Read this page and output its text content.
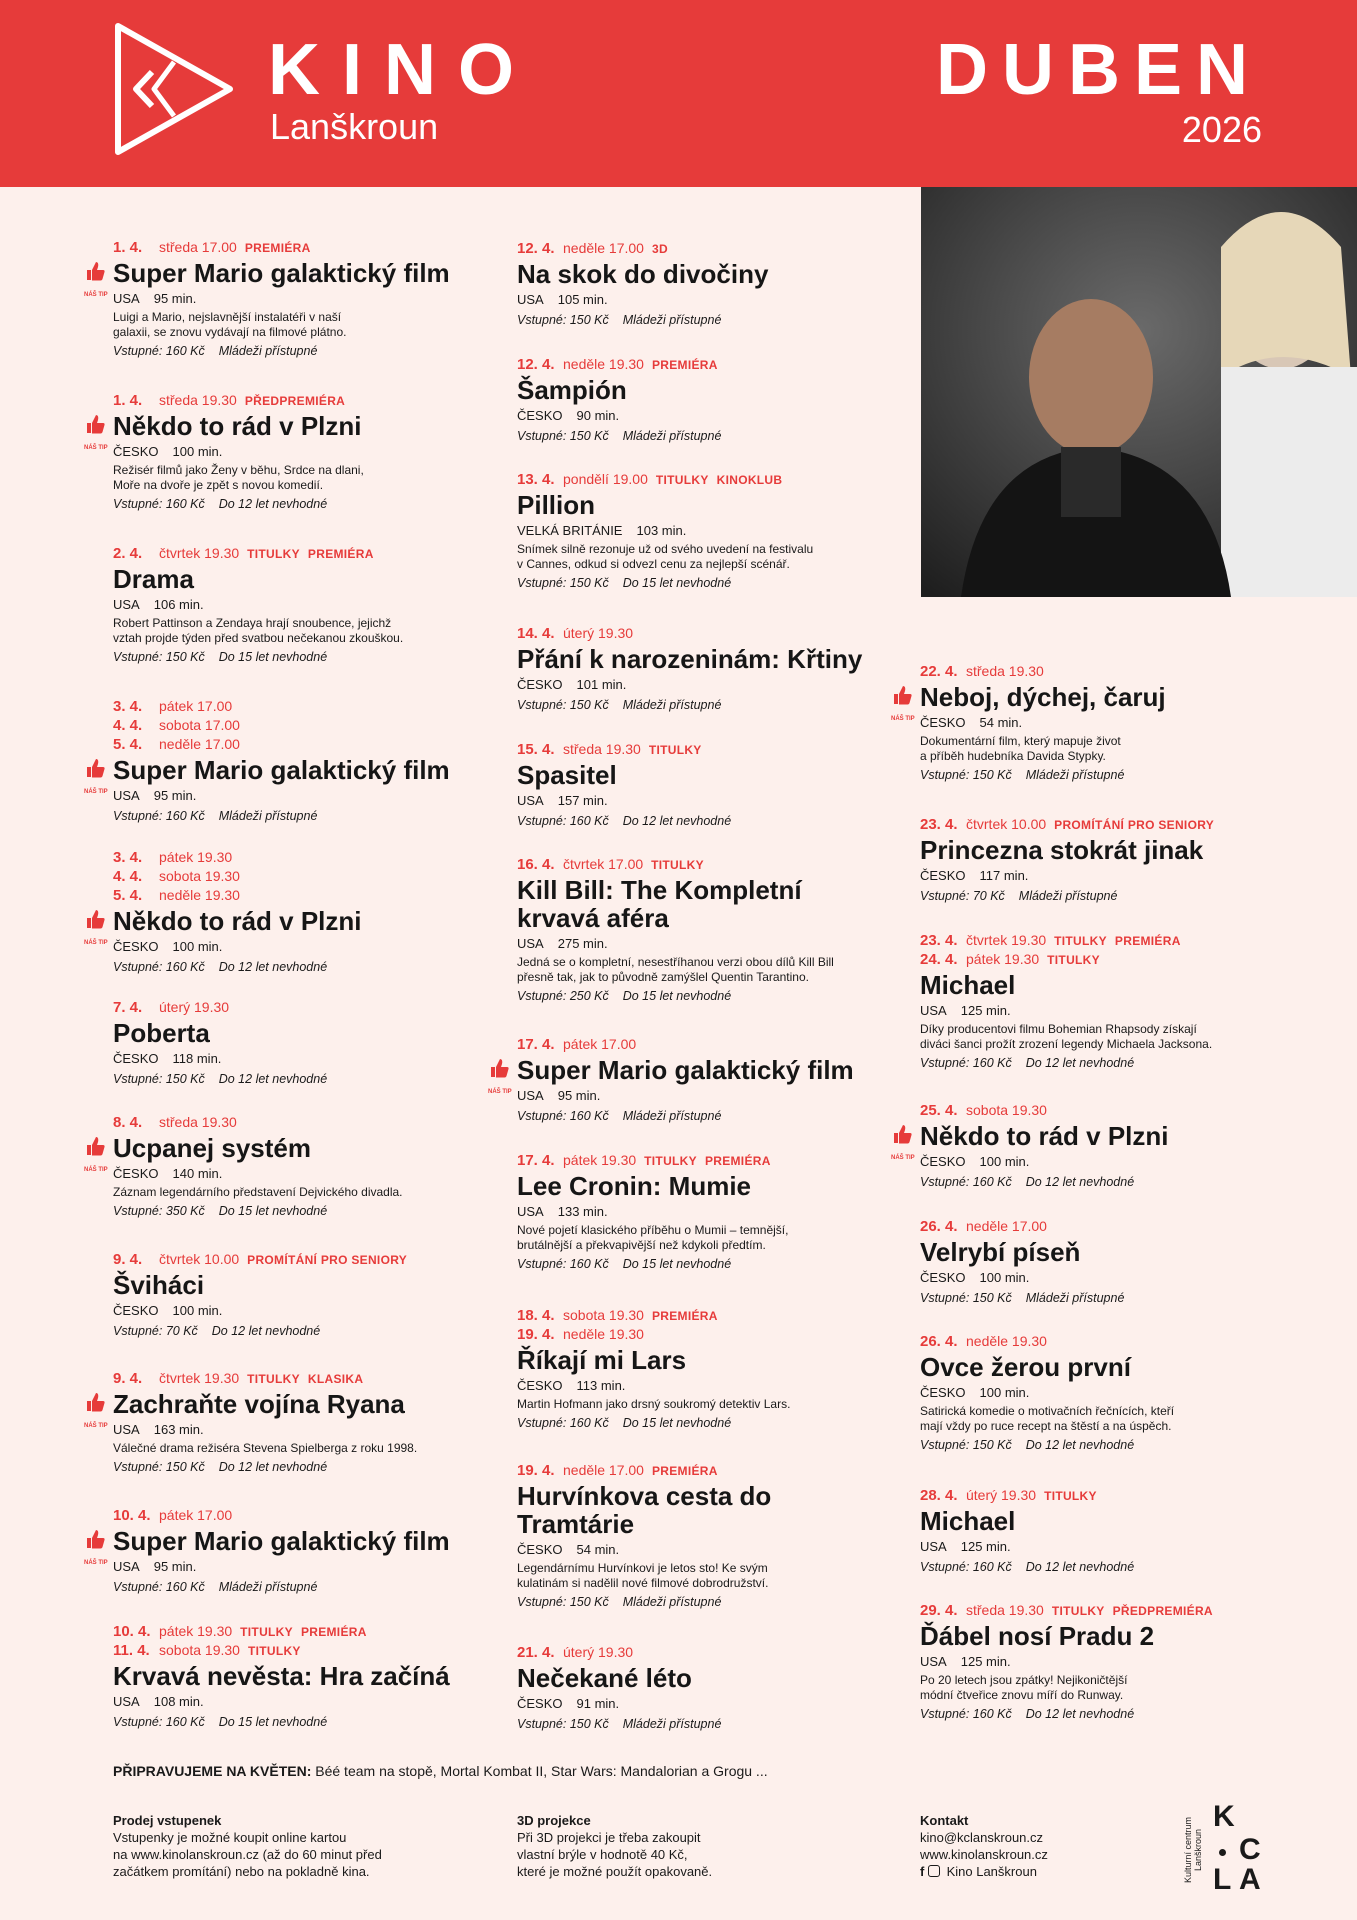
KINO
Lanškroun
DUBEN
2026
1. 4. středa 17.00 PREMIÉRA
Super Mario galaktický film
NÁŠ TIP USA 95 min.
Luigi a Mario, nejslavnější instalatéři v naší
galaxii, se znovu vydávají na filmové plátno.
Vstupné: 160 Kč Mládeži přístupné
1. 4. středa 19.30 PŘEDPREMIÉRA
Někdo to rád v Plzni
NÁŠ TIP ČESKO 100 min.
Režisér filmů jako Ženy v běhu, Srdce na dlani,
Moře na dvoře je zpět s novou komedií.
Vstupné: 160 Kč Do 12 let nevhodné
2. 4. čtvrtek 19.30 TITULKY PREMIÉRA
Drama
USA 106 min.
Robert Pattinson a Zendaya hrají snoubence, jejichž
vztah projde týden před svatbou nečekanou zkouškou.
Vstupné: 150 Kč Do 15 let nevhodné
3. 4. pátek 17.00
4. 4. sobota 17.00
5. 4. neděle 17.00
Super Mario galaktický film
NÁŠ TIP USA 95 min.
Vstupné: 160 Kč Mládeži přístupné
3. 4. pátek 19.30
4. 4. sobota 19.30
5. 4. neděle 19.30
Někdo to rád v Plzni
NÁŠ TIP ČESKO 100 min.
Vstupné: 160 Kč Do 12 let nevhodné
7. 4. úterý 19.30
Poberta
ČESKO 118 min.
Vstupné: 150 Kč Do 12 let nevhodné
8. 4. středa 19.30
Ucpanej systém
NÁŠ TIP ČESKO 140 min.
Záznam legendárního představení Dejvického divadla.
Vstupné: 350 Kč Do 15 let nevhodné
9. 4. čtvrtek 10.00 PROMÍTÁNÍ PRO SENIORY
Šviháci
ČESKO 100 min.
Vstupné: 70 Kč Do 12 let nevhodné
9. 4. čtvrtek 19.30 TITULKY KLASIKA
Zachraňte vojína Ryana
NÁŠ TIP USA 163 min.
Válečné drama režiséra Stevena Spielberga z roku 1998.
Vstupné: 150 Kč Do 12 let nevhodné
10. 4. pátek 17.00
Super Mario galaktický film
NÁŠ TIP USA 95 min.
Vstupné: 160 Kč Mládeži přístupné
10. 4. pátek 19.30 TITULKY PREMIÉRA
11. 4. sobota 19.30 TITULKY
Krvavá nevěsta: Hra začíná
USA 108 min.
Vstupné: 160 Kč Do 15 let nevhodné
12. 4. neděle 17.00 3D
Na skok do divočiny
USA 105 min.
Vstupné: 150 Kč Mládeži přístupné
12. 4. neděle 19.30 PREMIÉRA
Šampión
ČESKO 90 min.
Vstupné: 150 Kč Mládeži přístupné
13. 4. pondělí 19.00 TITULKY KINOKLUB
Pillion
VELKÁ BRITÁNIE 103 min.
Snímek silně rezonuje už od svého uvedení na festivalu
v Cannes, odkud si odvezl cenu za nejlepší scénář.
Vstupné: 150 Kč Do 15 let nevhodné
14. 4. úterý 19.30
Přání k narozeninám: Křtiny
ČESKO 101 min.
Vstupné: 150 Kč Mládeži přístupné
15. 4. středa 19.30 TITULKY
Spasitel
USA 157 min.
Vstupné: 160 Kč Do 12 let nevhodné
16. 4. čtvrtek 17.00 TITULKY
Kill Bill: The Kompletní krvavá aféra
USA 275 min.
Jedná se o kompletní, nesestříhanou verzi obou dílů Kill Bill
přesně tak, jak to původně zamýšlel Quentin Tarantino.
Vstupné: 250 Kč Do 15 let nevhodné
17. 4. pátek 17.00
Super Mario galaktický film
NÁŠ TIP USA 95 min.
Vstupné: 160 Kč Mládeži přístupné
17. 4. pátek 19.30 TITULKY PREMIÉRA
Lee Cronin: Mumie
USA 133 min.
Nové pojetí klasického příběhu o Mumii – temnější,
brutálnější a překvapivější než kdykoli předtím.
Vstupné: 160 Kč Do 15 let nevhodné
18. 4. sobota 19.30 PREMIÉRA
19. 4. neděle 19.30
Říkají mi Lars
ČESKO 113 min.
Martin Hofmann jako drsný soukromý detektiv Lars.
Vstupné: 160 Kč Do 15 let nevhodné
19. 4. neděle 17.00 PREMIÉRA
Hurvínkova cesta do Tramtárie
ČESKO 54 min.
Legendárnímu Hurvínkovi je letos sto! Ke svým
kulatinám si nadělil nové filmové dobrodružství.
Vstupné: 150 Kč Mládeži přístupné
21. 4. úterý 19.30
Nečekané léto
ČESKO 91 min.
Vstupné: 150 Kč Mládeži přístupné
22. 4. středa 19.30
Neboj, dýchej, čaruj
NÁŠ TIP ČESKO 54 min.
Dokumentární film, který mapuje život
a příběh hudebníka Davida Stypky.
Vstupné: 150 Kč Mládeži přístupné
23. 4. čtvrtek 10.00 PROMÍTÁNÍ PRO SENIORY
Princezna stokrát jinak
ČESKO 117 min.
Vstupné: 70 Kč Mládeži přístupné
23. 4. čtvrtek 19.30 TITULKY PREMIÉRA
24. 4. pátek 19.30 TITULKY
Michael
USA 125 min.
Díky producentovi filmu Bohemian Rhapsody získají
diváci šanci prožít zrození legendy Michaela Jacksona.
Vstupné: 160 Kč Do 12 let nevhodné
25. 4. sobota 19.30
Někdo to rád v Plzni
NÁŠ TIP ČESKO 100 min.
Vstupné: 160 Kč Do 12 let nevhodné
26. 4. neděle 17.00
Velrybí píseň
ČESKO 100 min.
Vstupné: 150 Kč Mládeži přístupné
26. 4. neděle 19.30
Ovce žerou první
ČESKO 100 min.
Satirická komedie o motivačních řečnících, kteří
mají vždy po ruce recept na štěstí a na úspěch.
Vstupné: 150 Kč Do 12 let nevhodné
28. 4. úterý 19.30 TITULKY
Michael
USA 125 min.
Vstupné: 160 Kč Do 12 let nevhodné
29. 4. středa 19.30 TITULKY PŘEDPREMIÉRA
Ďábel nosí Pradu 2
USA 125 min.
Po 20 letech jsou zpátky! Nejikoničtější
módní čtveřice znovu míří do Runway.
Vstupné: 160 Kč Do 12 let nevhodné
PŘIPRAVUJEME NA KVĚTEN: Béé team na stopě, Mortal Kombat II, Star Wars: Mandalorian a Grogu ...
Prodej vstupenek
Vstupenky je možné koupit online kartou
na www.kinolanskroun.cz (až do 60 minut před
začátkem promítání) nebo na pokladně kina.
3D projekce
Při 3D projekci je třeba zakoupit
vlastní brýle v hodnotě 40 Kč,
které je možné použít opakovaně.
Kontakt
kino@kclanskroun.cz
www.kinolanskroun.cz
f Kino Lanškroun	Kulturní centrum Lanškroun
K
C
L A
